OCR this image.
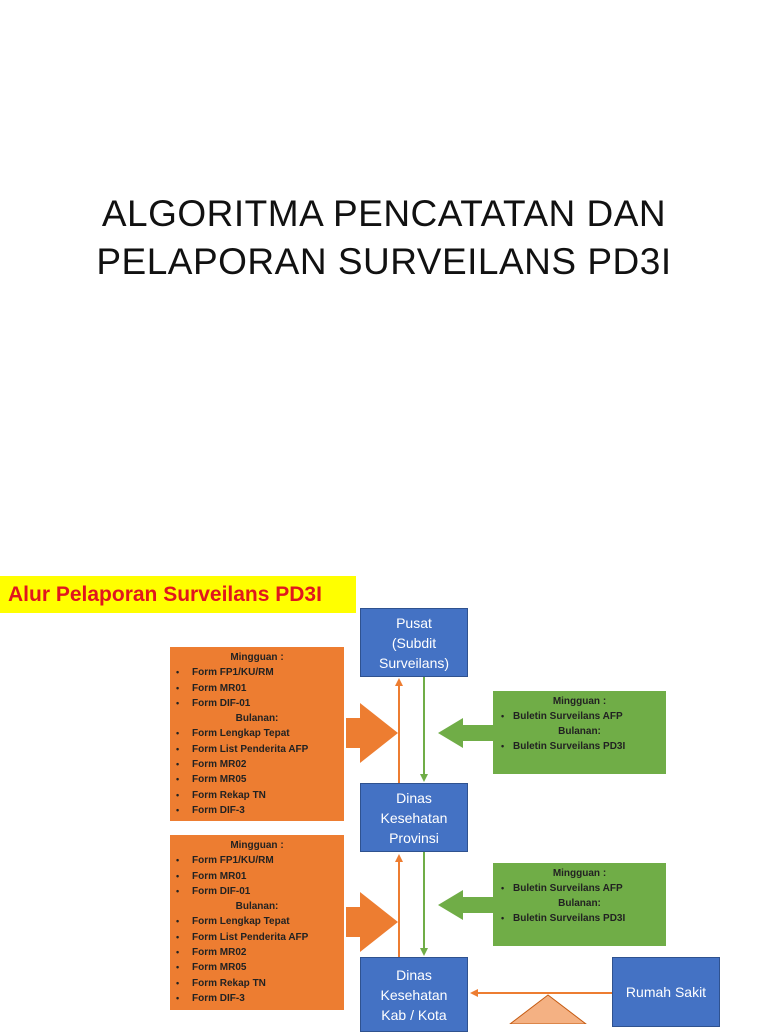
ALGORITMA PENCATATAN DAN
PELAPORAN SURVEILANS PD3I
Alur Pelaporan Surveilans PD3I
Pusat
(Subdit
Surveilans)
Dinas
Kesehatan
Provinsi
Dinas
Kesehatan
Kab / Kota
Rumah Sakit
Mingguan :
• Form FP1/KU/RM
• Form MR01
• Form DIF-01
Bulanan:
• Form Lengkap Tepat
• Form List Penderita AFP
• Form MR02
• Form MR05
• Form Rekap TN
• Form DIF-3
Mingguan :
• Form FP1/KU/RM
• Form MR01
• Form DIF-01
Bulanan:
• Form Lengkap Tepat
• Form List Penderita AFP
• Form MR02
• Form MR05
• Form Rekap TN
• Form DIF-3
Mingguan :
• Buletin Surveilans AFP
Bulanan:
• Buletin Surveilans PD3I
Mingguan :
• Buletin Surveilans AFP
Bulanan:
• Buletin Surveilans PD3I
